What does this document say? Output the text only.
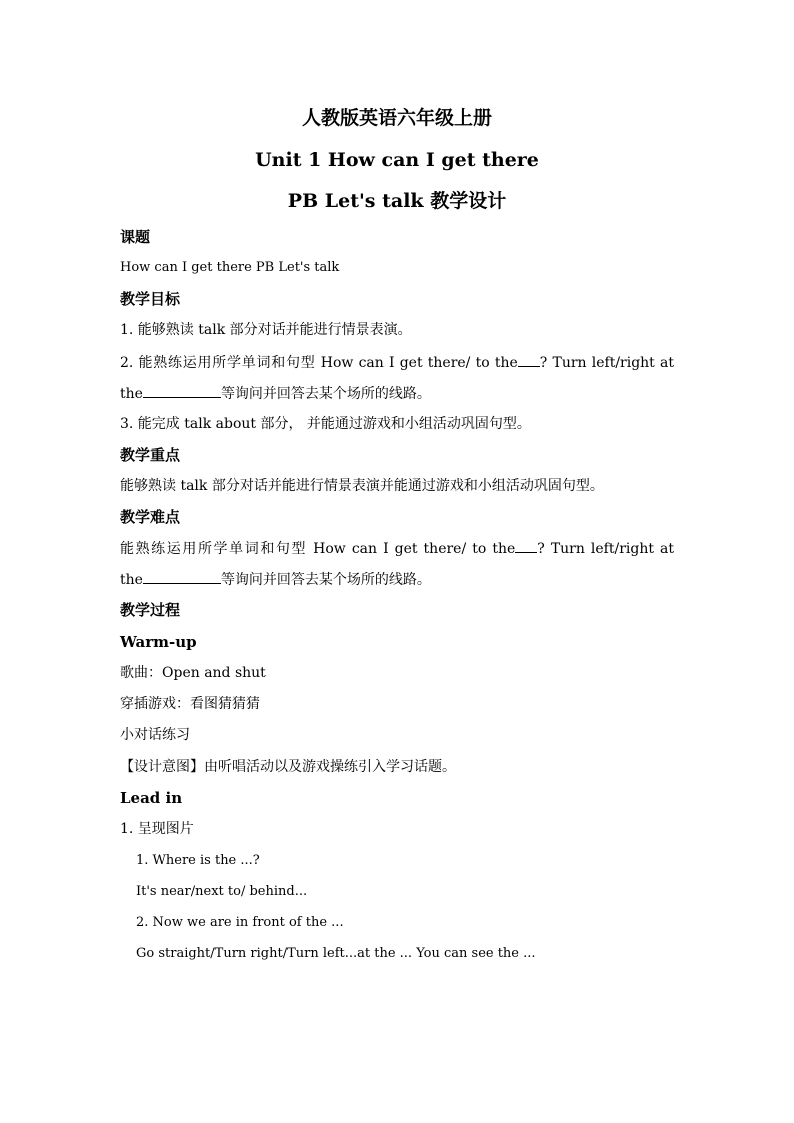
人教版英语六年级上册
Unit 1 How can I get there
PB Let's talk 教学设计
课题
How can I get there PB Let's talk
教学目标
1. 能够熟读 talk 部分对话并能进行情景表演。
2. 能熟练运用所学单词和句型 How can I get there/ to the ? Turn left/right at
the	等询问并回答去某个场所的线路。
3. 能完成 talk about 部分， 并能通过游戏和小组活动巩固句型。
教学重点
能够熟读 talk 部分对话并能进行情景表演并能通过游戏和小组活动巩固句型。
教学难点
能熟练运用所学单词和句型 How can I get there/ to the ? Turn left/right at
the	等询问并回答去某个场所的线路。
教学过程
Warm-up
歌曲：Open and shut
穿插游戏：看图猜猜猜
小对话练习
【设计意图】由听唱活动以及游戏操练引入学习话题。
Lead in
1. 呈现图片
1. Where is the ...?
It's near/next to/ behind...
2. Now we are in front of the ...
Go straight/Turn right/Turn left...at the ... You can see the ...
